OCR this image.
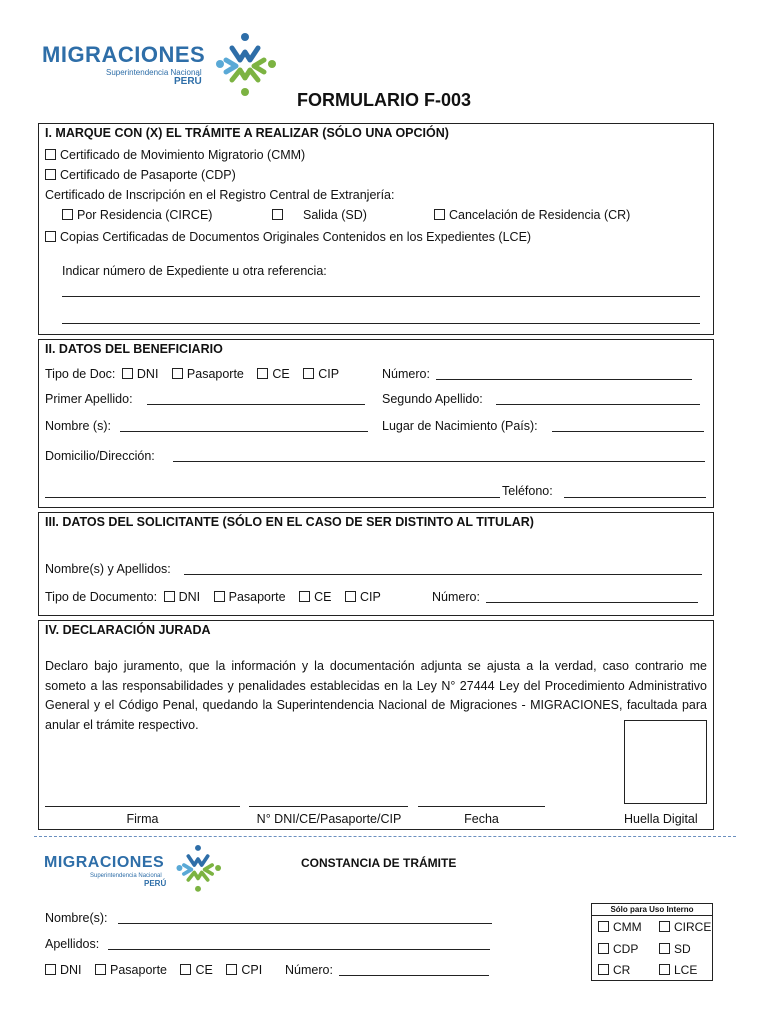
MIGRACIONES
Superintendencia Nacional
PERÚ
FORMULARIO F-003
I. MARQUE CON (X) EL TRÁMITE A REALIZAR (SÓLO UNA OPCIÓN)
Certificado de Movimiento Migratorio (CMM)
Certificado de Pasaporte (CDP)
Certificado de Inscripción en el Registro Central de Extranjería:
Por Residencia (CIRCE)	Salida (SD)	Cancelación de Residencia (CR)
Copias Certificadas de Documentos Originales Contenidos en los Expedientes (LCE)
Indicar número de Expediente u otra referencia:
II. DATOS DEL BENEFICIARIO
Tipo de Doc: DNI Pasaporte CE CIP	Número:
Primer Apellido:	Segundo Apellido:
Nombre (s):	Lugar de Nacimiento (País):
Domicilio/Dirección:
Teléfono:
III. DATOS DEL SOLICITANTE (SÓLO EN EL CASO DE SER DISTINTO AL TITULAR)
Nombre(s) y Apellidos:
Tipo de Documento: DNI Pasaporte CE CIP	Número:
IV. DECLARACIÓN JURADA
Declaro bajo juramento, que la información y la documentación adjunta se ajusta a la verdad, caso contrario me someto a las responsabilidades y penalidades establecidas en la Ley N° 27444 Ley del Procedimiento Administrativo General y el Código Penal, quedando la Superintendencia Nacional de Migraciones - MIGRACIONES, facultada para anular el trámite respectivo.
Firma	N° DNI/CE/Pasaporte/CIP	Fecha	Huella Digital
MIGRACIONES
Superintendencia Nacional
PERÚ
CONSTANCIA DE TRÁMITE
Nombre(s):
Apellidos:
DNI Pasaporte CE CPI Número:
Sólo para Uso Interno
CMM	CIRCE
CDP	SD
CR	LCE
